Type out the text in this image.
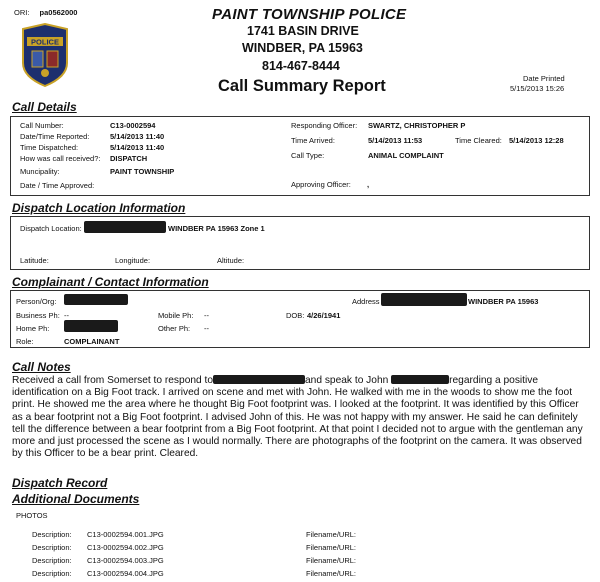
ORI: pa0562000
POLICE
PAINT TOWNSHIP POLICE
1741 BASIN DRIVE
WINDBER, PA 15963
814-467-8444
Call Summary Report	Date Printed
5/15/2013 15:26
Call Details
Call Number:	C13-0002594
Date/Time Reported:	5/14/2013 11:40
Time Dispatched:	5/14/2013 11:40
How was call received?: DISPATCH
Muncipality:	PAINT TOWNSHIP
Date / Time Approved:
Responding Officer: SWARTZ, CHRISTOPHER P
Time Arrived:	5/14/2013 11:53	Time Cleared: 5/14/2013 12:28
Call Type:	ANIMAL COMPLAINT
Approving Officer: ,
Dispatch Location Information
Dispatch Location:	WINDBER PA 15963 Zone 1
Latitude:	Longitude:	Altitude:
Complainant / Contact Information
Person/Org:	Address	WINDBER PA 15963
Business Ph: --	Mobile Ph: --	DOB: 4/26/1941
Home Ph:	Other Ph: --
Role:	COMPLAINANT
Call Notes
Received a call from Somerset to respond to	and speak to John	regarding a positive identification on a Big Foot track. I arrived on scene and met with John. He walked with me in the woods to show me the foot print. He showed me the area where he thought Big Foot footprint was. I looked at the footprint. It was identified by this Officer as a bear footprint not a Big Foot footprint. I advised John of this. He was not happy with my answer. He said he can definitely tell the difference between a bear footprint from a Big Foot footprint. At that point I decided not to argue with the gentleman any more and just processed the scene as I would normally. There are photographs of the footprint on the camera. It was observed by this Officer to be a bear print. Cleared.
Dispatch Record
Additional Documents
PHOTOS
Description: C13-0002594.001.JPG	Filename/URL:
Description: C13-0002594.002.JPG	Filename/URL:
Description: C13-0002594.003.JPG	Filename/URL:
Description: C13-0002594.004.JPG	Filename/URL:
